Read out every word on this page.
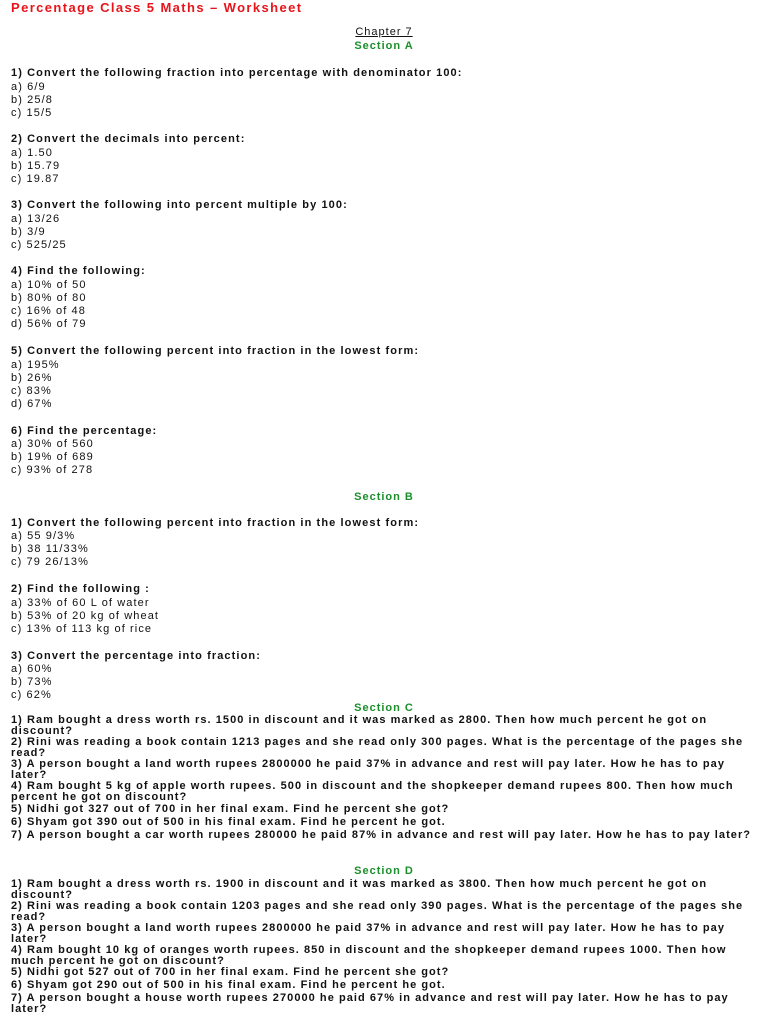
Percentage Class 5 Maths – Worksheet
Chapter 7
Section A
1) Convert the following fraction into percentage with denominator 100:
a) 6/9
b) 25/8
c) 15/5
2) Convert the decimals into percent:
a) 1.50
b) 15.79
c) 19.87
3) Convert the following into percent multiple by 100:
a) 13/26
b) 3/9
c) 525/25
4) Find the following:
a) 10% of 50
b) 80% of 80
c) 16% of 48
d) 56% of 79
5) Convert the following percent into fraction in the lowest form:
a) 195%
b) 26%
c) 83%
d) 67%
6) Find the percentage:
a) 30% of 560
b) 19% of 689
c) 93% of 278
Section B
1) Convert the following percent into fraction in the lowest form:
a) 55 9/3%
b) 38 11/33%
c) 79 26/13%
2) Find the following :
a) 33% of 60 L of water
b) 53% of 20 kg of wheat
c) 13% of 113 kg of rice
3) Convert the percentage into fraction:
a) 60%
b) 73%
c) 62%
Section C
1) Ram bought a dress worth rs. 1500 in discount and it was marked as 2800. Then how much percent he got on discount?
2) Rini was reading a book contain 1213 pages and she read only 300 pages. What is the percentage of the pages she read?
3) A person bought a land worth rupees 2800000 he paid 37% in advance and rest will pay later. How he has to pay later?
4) Ram bought 5 kg of apple worth rupees. 500 in discount and the shopkeeper demand rupees 800. Then how much percent he got on discount?
5) Nidhi got 327 out of 700 in her final exam. Find he percent she got?
6) Shyam got 390 out of 500 in his final exam. Find he percent he got.
7) A person bought a car worth rupees 280000 he paid 87% in advance and rest will pay later. How he has to pay later?
Section D
1) Ram bought a dress worth rs. 1900 in discount and it was marked as 3800. Then how much percent he got on discount?
2) Rini was reading a book contain 1203 pages and she read only 390 pages. What is the percentage of the pages she read?
3) A person bought a land worth rupees 2800000 he paid 37% in advance and rest will pay later. How he has to pay later?
4) Ram bought 10 kg of oranges worth rupees. 850 in discount and the shopkeeper demand rupees 1000. Then how much percent he got on discount?
5) Nidhi got 527 out of 700 in her final exam. Find he percent she got?
6) Shyam got 290 out of 500 in his final exam. Find he percent he got.
7) A person bought a house worth rupees 270000 he paid 67% in advance and rest will pay later. How he has to pay later?
